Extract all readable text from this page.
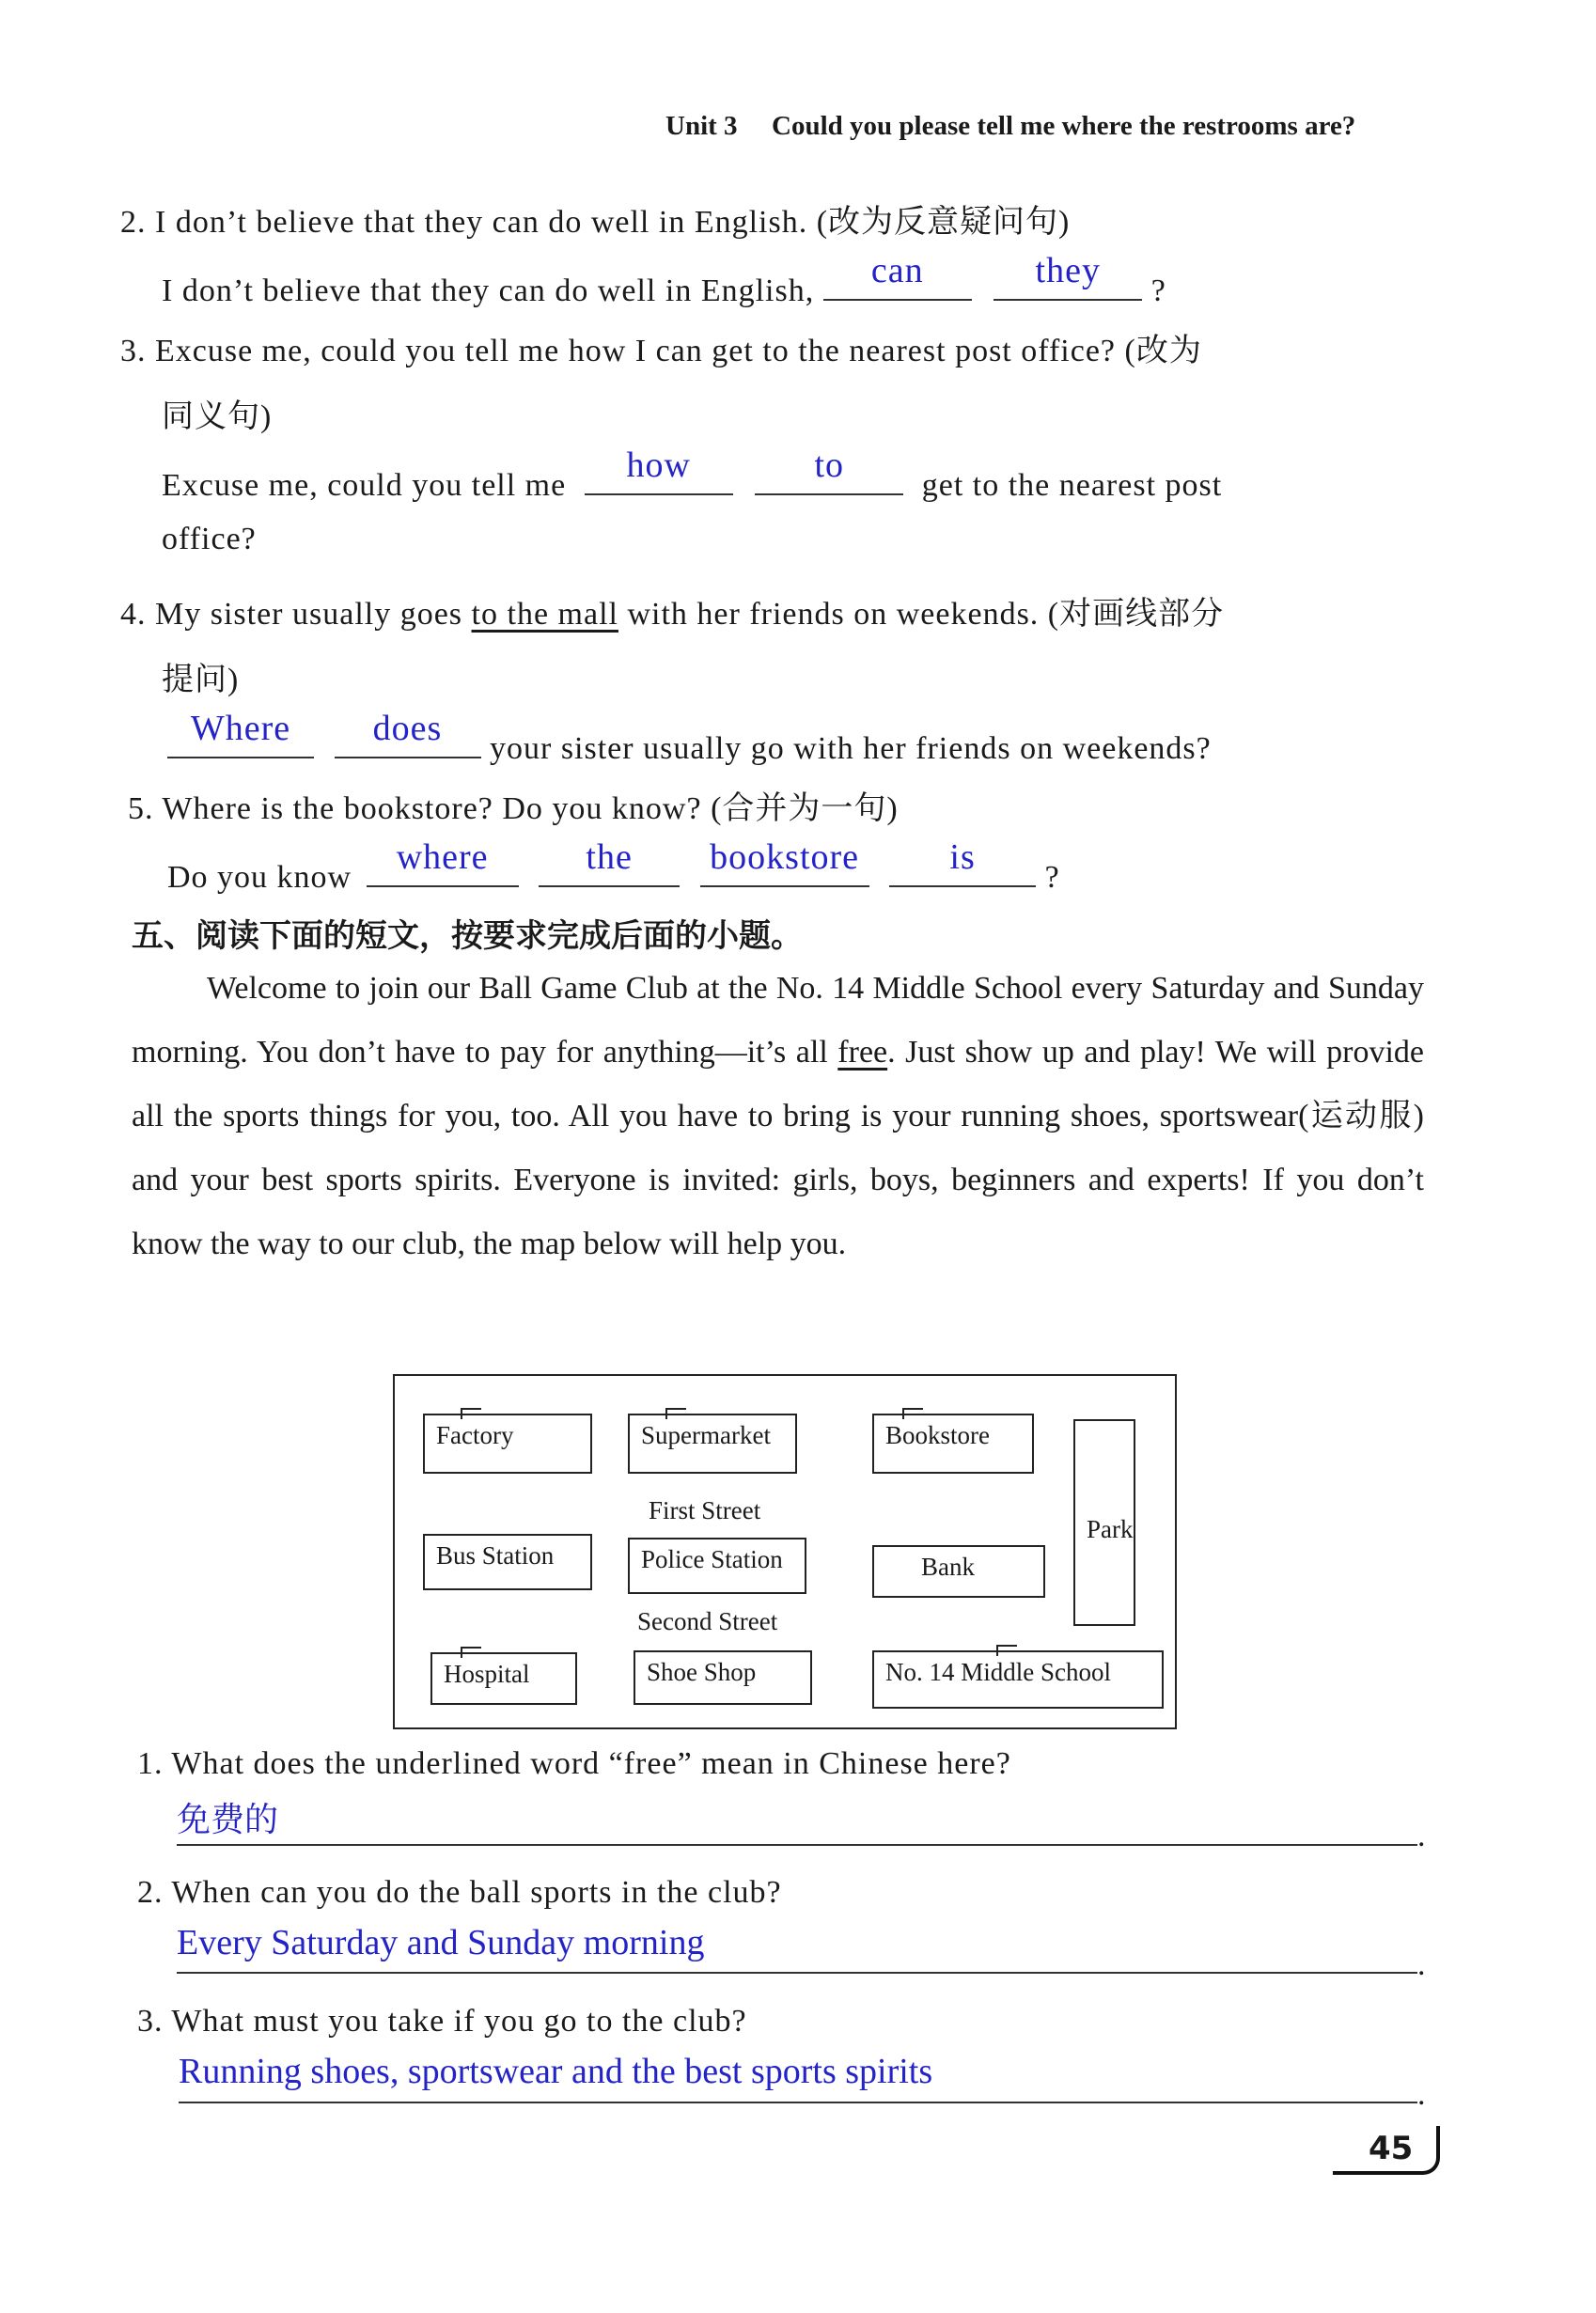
Unit 3 Could you please tell me where the restrooms are?
2. I don’t believe that they can do well in English. (改为反意疑问句)
I don’t believe that they can do well in English,
can
	they
?
3. Excuse me, could you tell me how I can get to the nearest post office? (改为
同义句)
Excuse me, could you tell me
how
	to
get to the nearest post
office?
4. My sister usually goes to the mall with her friends on weekends. (对画线部分
提问)
Where
	does
your sister usually go with her friends on weekends?
5. Where is the bookstore? Do you know? (合并为一句)
Do you know
where
	the
	bookstore
	is
?
五、阅读下面的短文，按要求完成后面的小题。
Welcome to join our Ball Game Club at the No. 14 Middle School every Saturday and Sunday morning. You don’t have to pay for anything—it’s all free. Just show up and play! We will provide all the sports things for you, too. All you have to bring is your running shoes, sportswear(运动服) and your best sports spirits. Everyone is invited: girls, boys, beginners and experts! If you don’t know the way to our club, the map below will help you.
Factory	Supermarket	Bookstore
Park
First Street
Bus Station	Police Station	Bank
Second Street
Hospital	Shoe Shop	No. 14 Middle School
1. What does the underlined word “free” mean in Chinese here?
免费的	.
2. When can you do the ball sports in the club?
Every Saturday and Sunday morning
.
3. What must you take if you go to the club?
Running shoes, sportswear and the best sports spirits
.
45
